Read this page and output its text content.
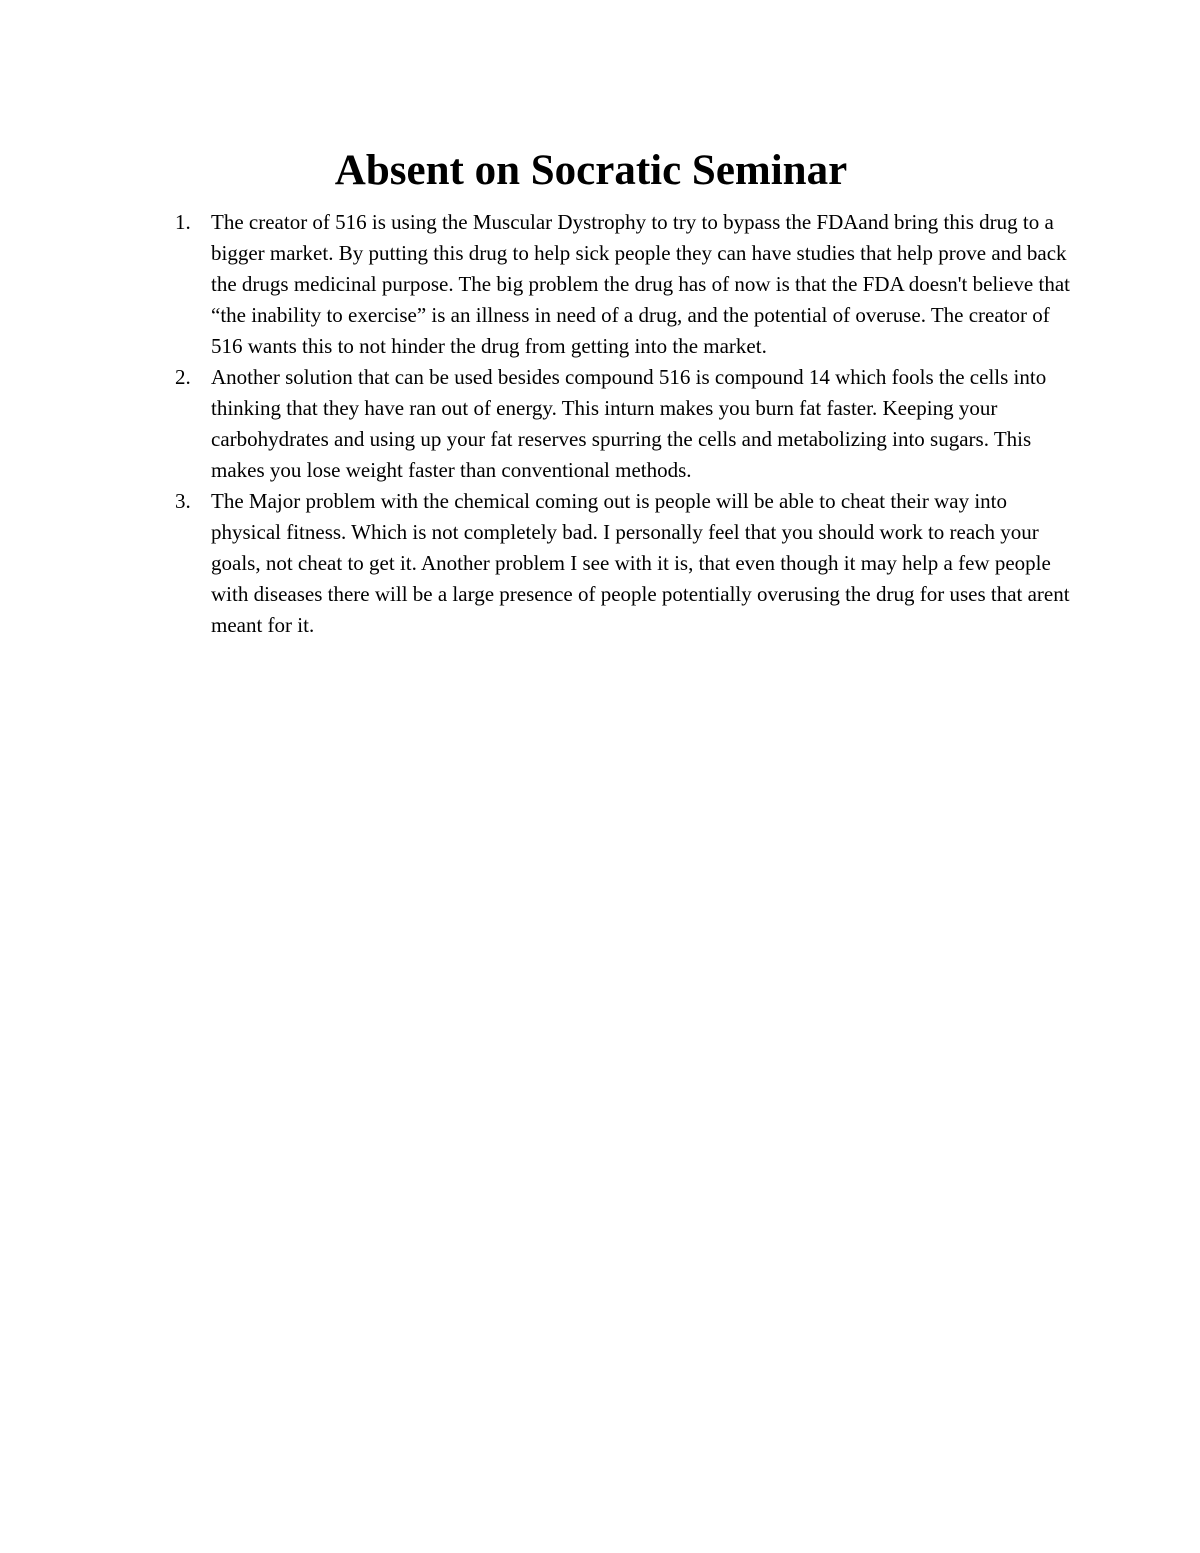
Absent on Socratic Seminar
1. The creator of 516 is using the Muscular Dystrophy to try to bypass the FDAand bring this drug to a bigger market. By putting this drug to help sick people they can have studies that help prove and back the drugs medicinal purpose. The big problem the drug has of now is that the FDA doesn't believe that “the inability to exercise” is an illness in need of a drug, and the potential of overuse. The creator of 516 wants this to not hinder the drug from getting into the market.
2. Another solution that can be used besides compound 516 is compound 14 which fools the cells into thinking that they have ran out of energy. This inturn makes you burn fat faster. Keeping your carbohydrates and using up your fat reserves spurring the cells and metabolizing into sugars. This makes you lose weight faster than conventional methods.
3. The Major problem with the chemical coming out is people will be able to cheat their way into physical fitness. Which is not completely bad. I personally feel that you should work to reach your goals, not cheat to get it. Another problem I see with it is, that even though it may help a few people with diseases there will be a large presence of people potentially overusing the drug for uses that arent meant for it.
